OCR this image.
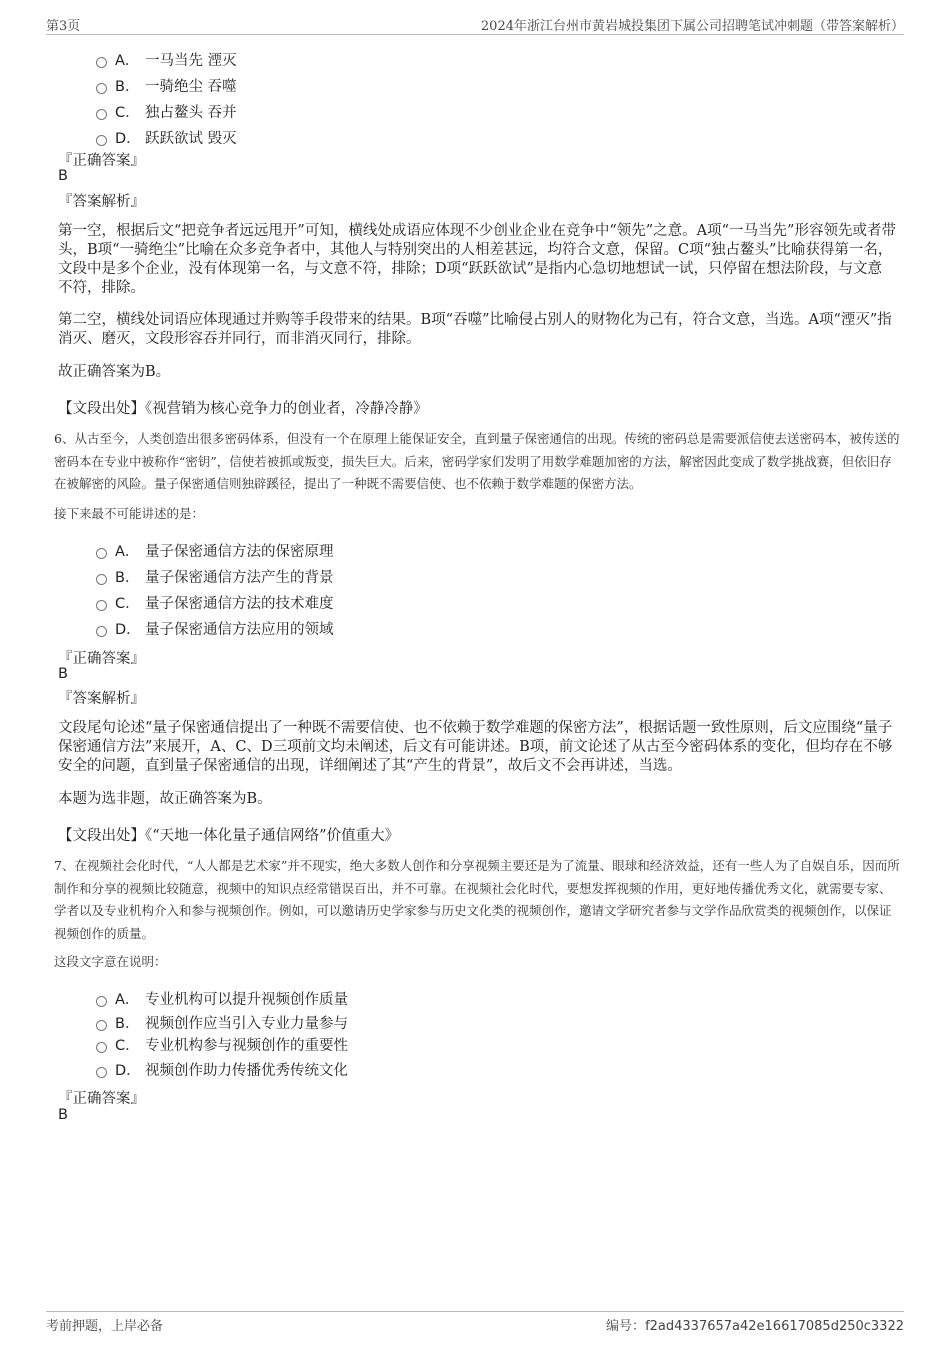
第3页	2024年浙江台州市黄岩城投集团下属公司招聘笔试冲刺题（带答案解析）
A． 一马当先 湮灭
B． 一骑绝尘 吞噬
C． 独占鳌头 吞并
D． 跃跃欲试 毁灭
『正确答案』
B
『答案解析』
第一空，根据后文“把竞争者远远甩开”可知，横线处成语应体现不少创业企业在竞争中“领先”之意。A项“一马当先”形容领先或者带头，B项“一骑绝尘”比喻在众多竞争者中，其他人与特别突出的人相差甚远，均符合文意，保留。C项“独占鳌头”比喻获得第一名，文段中是多个企业，没有体现第一名，与文意不符，排除；D项“跃跃欲试”是指内心急切地想试一试，只停留在想法阶段，与文意不符，排除。
第二空，横线处词语应体现通过并购等手段带来的结果。B项“吞噬”比喻侵占别人的财物化为己有，符合文意，当选。A项“湮灭”指消灭、磨灭，文段形容吞并同行，而非消灭同行，排除。
故正确答案为B。
【文段出处】《视营销为核心竞争力的创业者，冷静冷静》
6、从古至今，人类创造出很多密码体系，但没有一个在原理上能保证安全，直到量子保密通信的出现。传统的密码总是需要派信使去送密码本，被传送的密码本在专业中被称作“密钥”，信使若被抓或叛变，损失巨大。后来，密码学家们发明了用数学难题加密的方法，解密因此变成了数学挑战赛，但依旧存在被解密的风险。量子保密通信则独辟蹊径，提出了一种既不需要信使、也不依赖于数学难题的保密方法。
接下来最不可能讲述的是：
A． 量子保密通信方法的保密原理
B． 量子保密通信方法产生的背景
C． 量子保密通信方法的技术难度
D． 量子保密通信方法应用的领域
『正确答案』
B
『答案解析』
文段尾句论述“量子保密通信提出了一种既不需要信使、也不依赖于数学难题的保密方法”，根据话题一致性原则，后文应围绕“量子保密通信方法”来展开，A、C、D三项前文均未阐述，后文有可能讲述。B项，前文论述了从古至今密码体系的变化，但均存在不够安全的问题，直到量子保密通信的出现，详细阐述了其“产生的背景”，故后文不会再讲述，当选。
本题为选非题，故正确答案为B。
【文段出处】《“天地一体化量子通信网络”价值重大》
7、在视频社会化时代，“人人都是艺术家”并不现实，绝大多数人创作和分享视频主要还是为了流量、眼球和经济效益，还有一些人为了自娱自乐，因而所制作和分享的视频比较随意，视频中的知识点经常错误百出，并不可靠。在视频社会化时代，要想发挥视频的作用，更好地传播优秀文化，就需要专家、学者以及专业机构介入和参与视频创作。例如，可以邀请历史学家参与历史文化类的视频创作，邀请文学研究者参与文学作品欣赏类的视频创作，以保证视频创作的质量。
这段文字意在说明：
A． 专业机构可以提升视频创作质量
B． 视频创作应当引入专业力量参与
C． 专业机构参与视频创作的重要性
D． 视频创作助力传播优秀传统文化
『正确答案』
B
考前押题，上岸必备	编号：f2ad4337657a42e16617085d250c3322
